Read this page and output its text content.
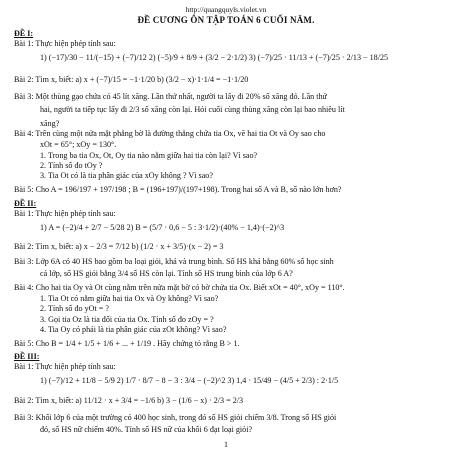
http://quangquyls.violet.vn
ĐỀ CƯƠNG ÔN TẬP TOÁN 6 CUỐI NĂM.
ĐỀ I:
Bài 1: Thực hiện phép tính sau:
1) (−17)/30 − 11/(−15) + (−7)/12 2) (−5)/9 + 8/9 + (3/2 − 2·1/2) 3) (−7)/25 · 11/13 + (−7)/25 · 2/13 − 18/25
Bài 2: Tìm x, biết: a) x + (−7)/15 = −1·1/20 b) (3/2 − x)·1·1/4 = −1·1/20
Bài 3: Một thùng gạo chứa có 45 lít xăng. Lần thứ nhất, người ta lấy đi 20% số xăng đó. Lần thứ
hai, người ta tiếp tục lấy đi 2/3 số xăng còn lại. Hỏi cuối cùng thùng xăng còn lại bao nhiêu lít
xăng?
Bài 4: Trên cùng một nửa mặt phẳng bờ là đường thẳng chứa tia Ox, vẽ hai tia Ot và Oy sao cho
xOt = 65°; xOy = 130°.
1. Trong ba tia Ox, Ot, Oy tia nào nằm giữa hai tia còn lại? Vì sao?
2. Tính số đo tOy ?
3. Tia Ot có là tia phân giác của xOy không ? Vì sao?
Bài 5: Cho A = 196/197 + 197/198 ; B = (196+197)/(197+198). Trong hai số A và B, số nào lớn hơn?
ĐỀ II:
Bài 1: Thực hiện phép tính sau:
1) A = (−2)/4 + 2/7 − 5/28 2) B = (5/7 · 0,6 − 5 : 3·1/2)·(40% − 1,4)·(−2)^3
Bài 2: Tìm x, biết: a) x − 2/3 = 7/12 b) (1/2 · x + 3/5)·(x − 2) = 3
Bài 3: Lớp 6A có 40 HS bao gồm ba loại giỏi, khá và trung bình. Số HS khá bằng 60% số học sinh
cả lớp, số HS giỏi bằng 3/4 số HS còn lại. Tính số HS trung bình của lớp 6 A?
Bài 4: Cho hai tia Oy và Ot cùng nằm trên nửa mặt bờ có bờ chứa tia Ox. Biết xOt = 40°, xOy = 110°.
1. Tia Ot có nằm giữa hai tia Ox và Oy không? Vì sao?
2. Tính số đo yOt = ?
3. Gọi tia Oz là tia đối của tia Ox. Tính số đo zOy = ?
4. Tia Oy có phải là tia phân giác của zOt không? Vì sao?
Bài 5: Cho B = 1/4 + 1/5 + 1/6 + ... + 1/19 . Hãy chứng tỏ rằng B > 1.
ĐỀ III:
Bài 1: Thực hiện phép tính sau:
1) (−7)/12 + 11/8 − 5/9 2) 1/7 · 8/7 − 8 − 3 : 3/4 − (−2)^2 3) 1,4 · 15/49 − (4/5 + 2/3) : 2·1/5
Bài 2: Tìm x, biết: a) 11/12 · x + 3/4 = −1/6 b) 3 − (1/6 − x) · 2/3 = 2/3
Bài 3: Khối lớp 6 của một trường có 400 học sinh, trong đó số HS giỏi chiếm 3/8. Trong số HS giỏi
đó, số HS nữ chiếm 40%. Tính số HS nữ của khối 6 đạt loại giỏi?
1
